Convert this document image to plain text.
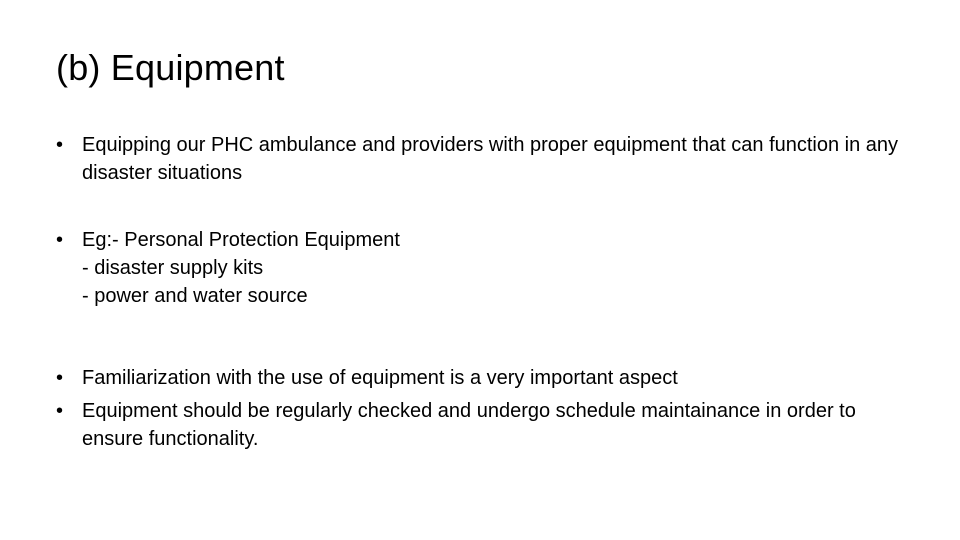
(b) Equipment
• Equipping our PHC ambulance and providers with proper equipment that can function in any disaster situations
• Eg:- Personal Protection Equipment
- disaster supply kits
- power and water source
• Familiarization with the use of equipment is a very important aspect
• Equipment should be regularly checked and undergo schedule maintainance in order to ensure functionality.
